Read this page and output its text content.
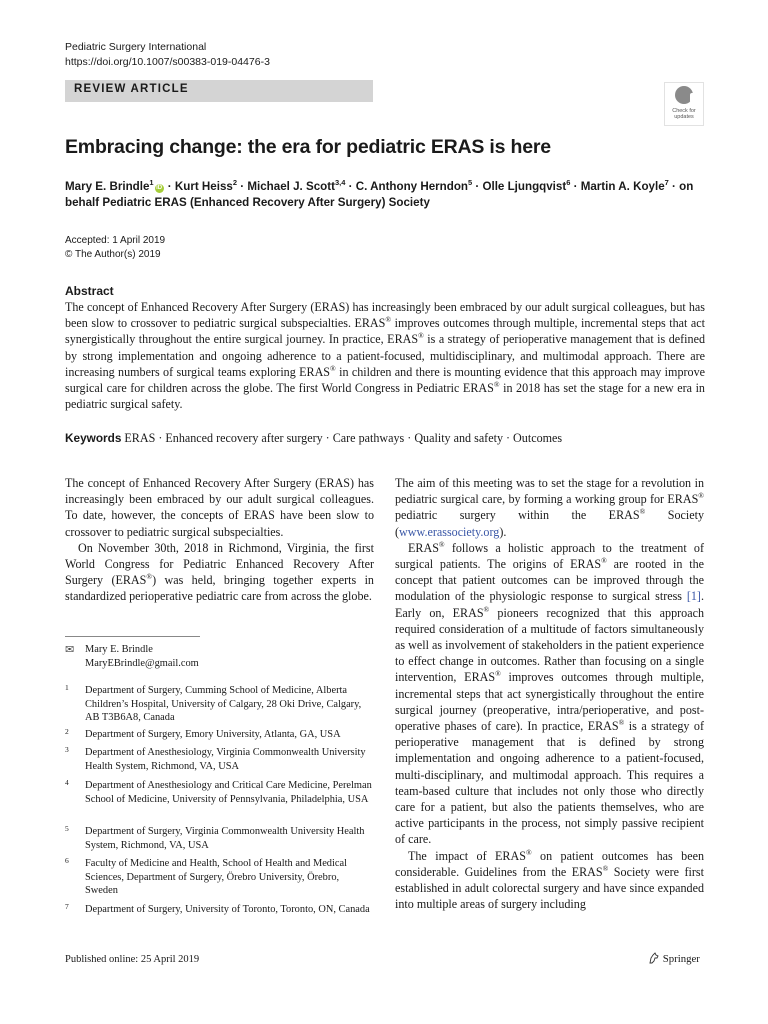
Pediatric Surgery International
https://doi.org/10.1007/s00383-019-04476-3
REVIEW ARTICLE
Check for
updates
Embracing change: the era for pediatric ERAS is here
Mary E. Brindle$^1$iD · Kurt Heiss$^2$ · Michael J. Scott$^{3,4}$ · C. Anthony Herndon$^5$ · Olle Ljungqvist$^6$ · Martin A. Koyle$^7$ · on behalf Pediatric ERAS (Enhanced Recovery After Surgery) Society
Accepted: 1 April 2019
© The Author(s) 2019
Abstract
The concept of Enhanced Recovery After Surgery (ERAS) has increasingly been embraced by our adult surgical colleagues, but has been slow to crossover to pediatric surgical subspecialties. ERAS® improves outcomes through multiple, incremental steps that act synergistically throughout the entire surgical journey. In practice, ERAS® is a strategy of perioperative management that is defined by strong implementation and ongoing adherence to a patient-focused, multidisciplinary, and multimodal approach. There are increasing numbers of surgical teams exploring ERAS® in children and there is mounting evidence that this approach may improve surgical care for children across the globe. The first World Congress in Pediatric ERAS® in 2018 has set the stage for a new era in pediatric surgical safety.
Keywords ERAS · Enhanced recovery after surgery · Care pathways · Quality and safety · Outcomes

The concept of Enhanced Recovery After Surgery (ERAS) has increasingly been embraced by our adult surgical colleagues. To date, however, the concepts of ERAS have been slow to crossover to pediatric surgical subspecialties.

On November 30th, 2018 in Richmond, Virginia, the first World Congress for Pediatric Enhanced Recovery After Surgery (ERAS®) was held, bringing together experts in standardized perioperative pediatric care from across the globe.

The aim of this meeting was to set the stage for a revolution in pediatric surgical care, by forming a working group for ERAS® pediatric surgery within the ERAS® Society (www.erassociety.org).

ERAS® follows a holistic approach to the treatment of surgical patients. The origins of ERAS® are rooted in the concept that patient outcomes can be improved through the modulation of the physiologic response to surgical stress [1]. Early on, ERAS® pioneers recognized that this approach required consideration of a multitude of factors simultaneously as well as involvement of stakeholders in the patient experience to effect change in outcomes. Rather than focusing on a single intervention, ERAS® improves outcomes through multiple, incremental steps that act synergistically throughout the entire surgical journey (preoperative, intra/perioperative, and post-operative phases of care). In practice, ERAS® is a strategy of perioperative management that is defined by strong implementation and ongoing adherence to a patient-focused, multi-disciplinary, and multimodal approach. This requires a team-based culture that includes not only those who directly care for a patient, but also the patients themselves, who are active participants in the process, not simply passive recipient of care.

The impact of ERAS® on patient outcomes has been considerable. Guidelines from the ERAS® Society were first established in adult colorectal surgery and have since expanded into multiple areas of surgery including

✉ Mary E. Brindle
MaryEBrindle@gmail.com
1 Department of Surgery, Cumming School of Medicine, Alberta Children’s Hospital, University of Calgary, 28 Oki Drive, Calgary, AB T3B6A8, Canada
2 Department of Surgery, Emory University, Atlanta, GA, USA
3 Department of Anesthesiology, Virginia Commonwealth University Health System, Richmond, VA, USA
4 Department of Anesthesiology and Critical Care Medicine, Perelman School of Medicine, University of Pennsylvania, Philadelphia, USA
5 Department of Surgery, Virginia Commonwealth University Health System, Richmond, VA, USA
6 Faculty of Medicine and Health, School of Health and Medical Sciences, Department of Surgery, Örebro University, Örebro, Sweden
7 Department of Surgery, University of Toronto, Toronto, ON, Canada
Published online: 25 April 2019	Springer
